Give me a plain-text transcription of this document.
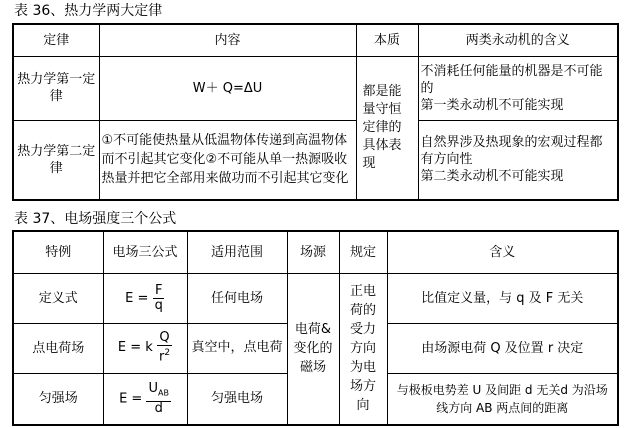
表 36、热力学两大定律
定律	内容	本质	两类永动机的含义
热力学第一定律	W＋ Q=ΔU	都是能量守恒定律的具体表现	不消耗任何能量的机器是不可能的
第一类永动机不可能实现

热力学第二定律	①不可能使热量从低温物体传递到高温物体而不引起其它变化②不可能从单一热源吸收热量并把它全部用来做功而不引起其它变化		自然界涉及热现象的宏观过程都有方向性
第二类永动机不可能实现
表 37、电场强度三个公式
特例	电场三公式	适用范围	场源	规定	含义
定义式	$E = \frac{F}{q}$	任何电场	电荷&变化的磁场	正电荷的受力方向为电场方向	比值定义量，与 q 及 F 无关
点电荷场	E = k $\frac{Q}{r^2}$	真空中，点电荷			由场源电荷 Q 及位置 r 决定
匀强场	$E = \frac{U_{AB}}{d}$	匀强电场			与极板电势差 U 及间距 d 无关d 为沿场线方向 AB 两点间的距离
